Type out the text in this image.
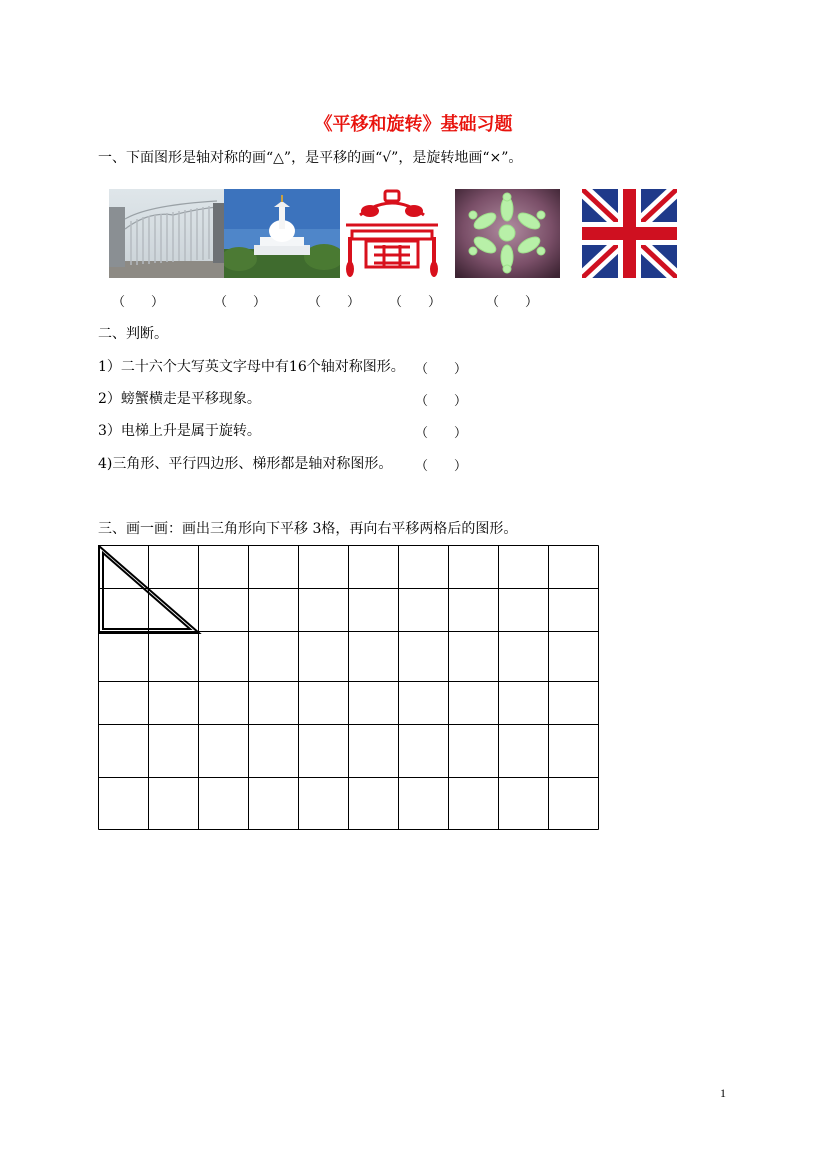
《平移和旋转》基础习题
一、下面图形是轴对称的画“△”，是平移的画“√”，是旋转地画“×”。
（　　）	（　　）	（　　） （　　）	（　　）
二、判断。
1）二十六个大写英文字母中有16个轴对称图形。 （　　）
2）螃蟹横走是平移现象。	（　　）
3）电梯上升是属于旋转。	（　　）
4)三角形、平行四边形、梯形都是轴对称图形。 （　　）
三、画一画：画出三角形向下平移 3格，再向右平移两格后的图形。
1
